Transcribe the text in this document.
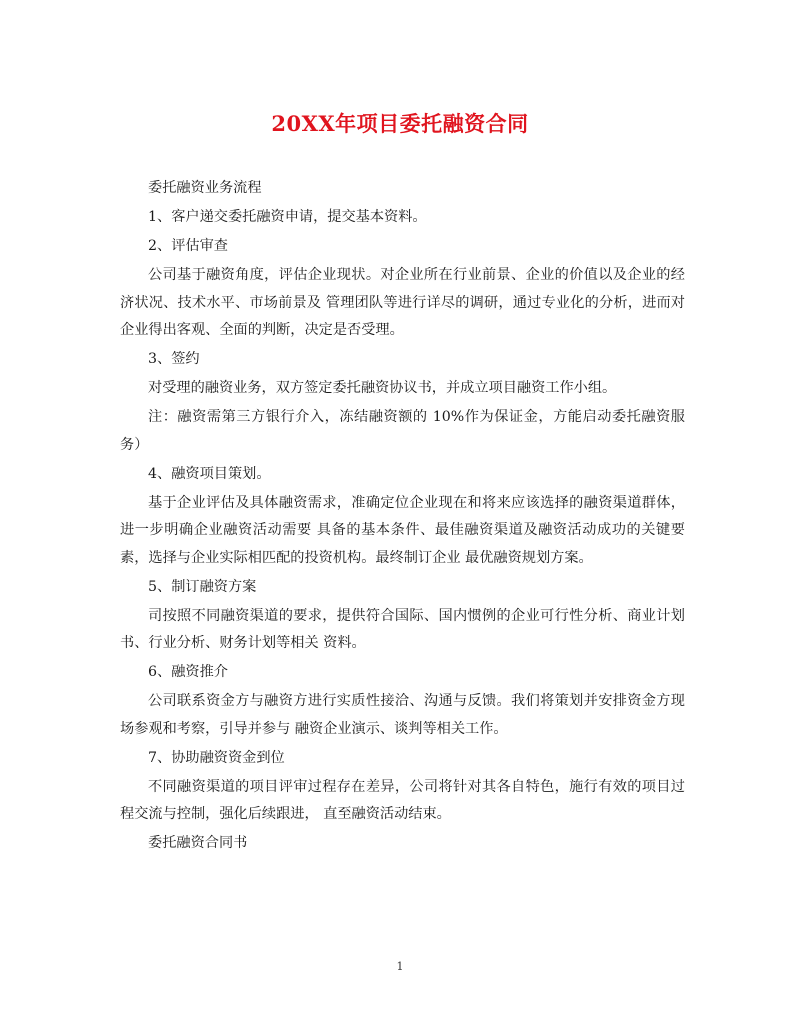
20XX年项目委托融资合同

委托融资业务流程

1、客户递交委托融资申请，提交基本资料。

2、评估审查

公司基于融资角度，评估企业现状。对企业所在行业前景、企业的价值以及企业的经济状况、技术水平、市场前景及 管理团队等进行详尽的调研，通过专业化的分析，进而对企业得出客观、全面的判断，决定是否受理。

3、签约

对受理的融资业务，双方签定委托融资协议书，并成立项目融资工作小组。

注：融资需第三方银行介入，冻结融资额的 10%作为保证金，方能启动委托融资服务）

4、融资项目策划。

基于企业评估及具体融资需求，准确定位企业现在和将来应该选择的融资渠道群体，进一步明确企业融资活动需要 具备的基本条件、最佳融资渠道及融资活动成功的关键要素，选择与企业实际相匹配的投资机构。最终制订企业 最优融资规划方案。

5、制订融资方案

司按照不同融资渠道的要求，提供符合国际、国内惯例的企业可行性分析、商业计划书、行业分析、财务计划等相关 资料。

6、融资推介

公司联系资金方与融资方进行实质性接洽、沟通与反馈。我们将策划并安排资金方现场参观和考察，引导并参与 融资企业演示、谈判等相关工作。

7、协助融资资金到位

不同融资渠道的项目评审过程存在差异，公司将针对其各自特色，施行有效的项目过程交流与控制，强化后续跟进， 直至融资活动结束。

委托融资合同书

1
